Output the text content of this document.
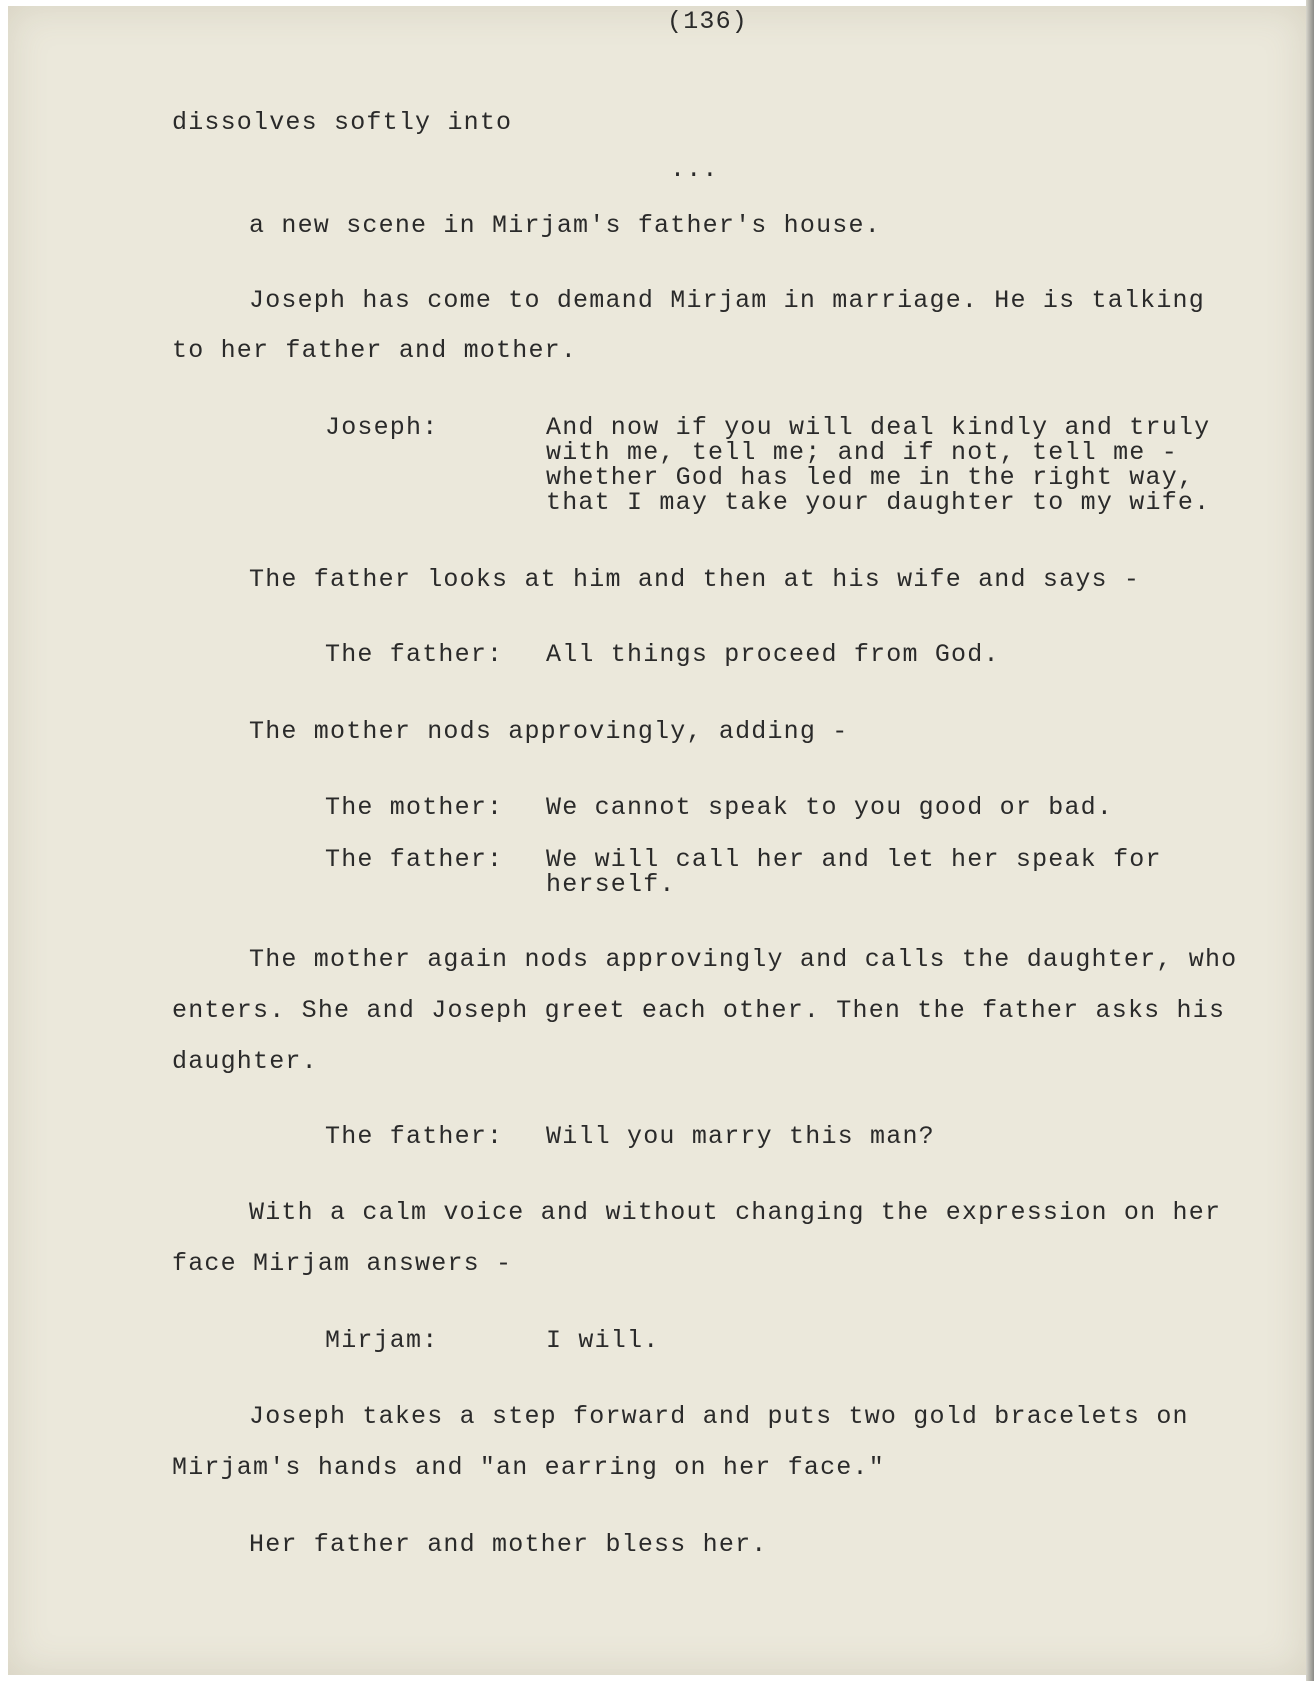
(136)
dissolves softly into
...
a new scene in Mirjam's father's house.
Joseph has come to demand Mirjam in marriage. He is talking
to her father and mother.
Joseph:	And now if you will deal kindly and truly
with me, tell me; and if not, tell me -
whether God has led me in the right way,
that I may take your daughter to my wife.
The father looks at him and then at his wife and says -
The father: All things proceed from God.
The mother nods approvingly, adding -
The mother: We cannot speak to you good or bad.
The father: We will call her and let her speak for
herself.
The mother again nods approvingly and calls the daughter, who
enters. She and Joseph greet each other. Then the father asks his
daughter.
The father: Will you marry this man?
With a calm voice and without changing the expression on her
face Mirjam answers -
Mirjam:	I will.
Joseph takes a step forward and puts two gold bracelets on
Mirjam's hands and "an earring on her face."
Her father and mother bless her.
